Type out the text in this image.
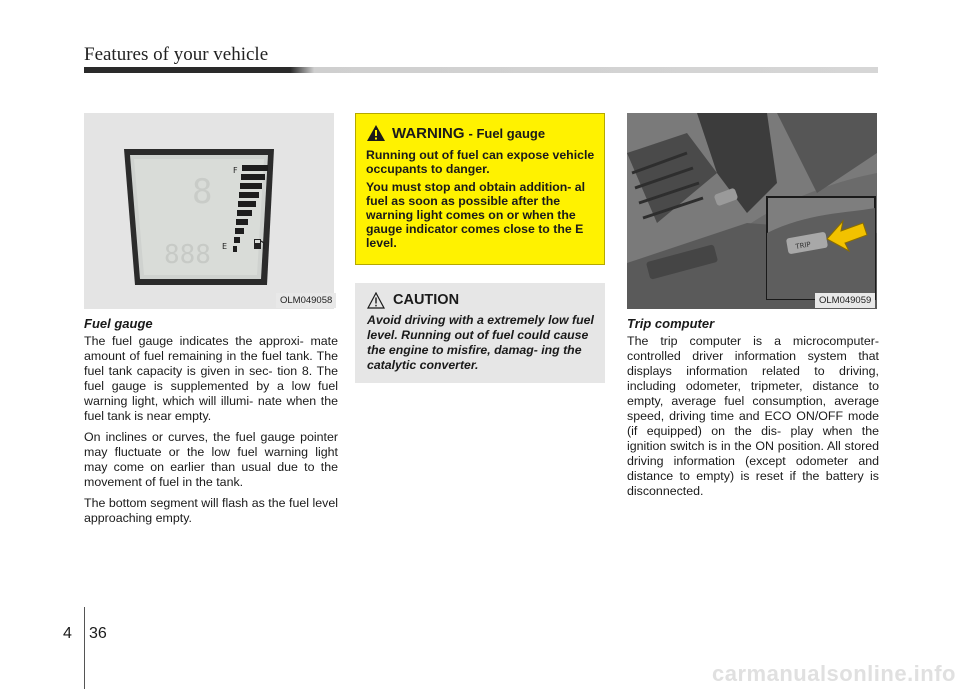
Features of your vehicle
888
8
F
E
OLM049058
Fuel gauge

The fuel gauge indicates the approxi- mate amount of fuel remaining in the fuel tank. The fuel tank capacity is given in sec- tion 8. The fuel gauge is supplemented by a low fuel warning light, which will illumi- nate when the fuel tank is near empty.

On inclines or curves, the fuel gauge pointer may fluctuate or the low fuel warning light may come on earlier than usual due to the movement of fuel in the tank.

The bottom segment will flash as the fuel level approaching empty.

WARNING - Fuel gauge

Running out of fuel can expose vehicle occupants to danger.

You must stop and obtain addition- al fuel as soon as possible after the warning light comes on or when the gauge indicator comes close to the E level.

CAUTION

Avoid driving with a extremely low fuel level. Running out of fuel could cause the engine to misfire, damag- ing the catalytic converter.

TRIP
OLM049059
Trip computer

The trip computer is a microcomputer- controlled driver information system that displays information related to driving, including odometer, tripmeter, distance to empty, average fuel consumption, average speed, driving time and ECO ON/OFF mode (if equipped) on the dis- play when the ignition switch is in the ON position. All stored driving information (except odometer and distance to empty) is reset if the battery is disconnected.

4 36
carmanualsonline.info
